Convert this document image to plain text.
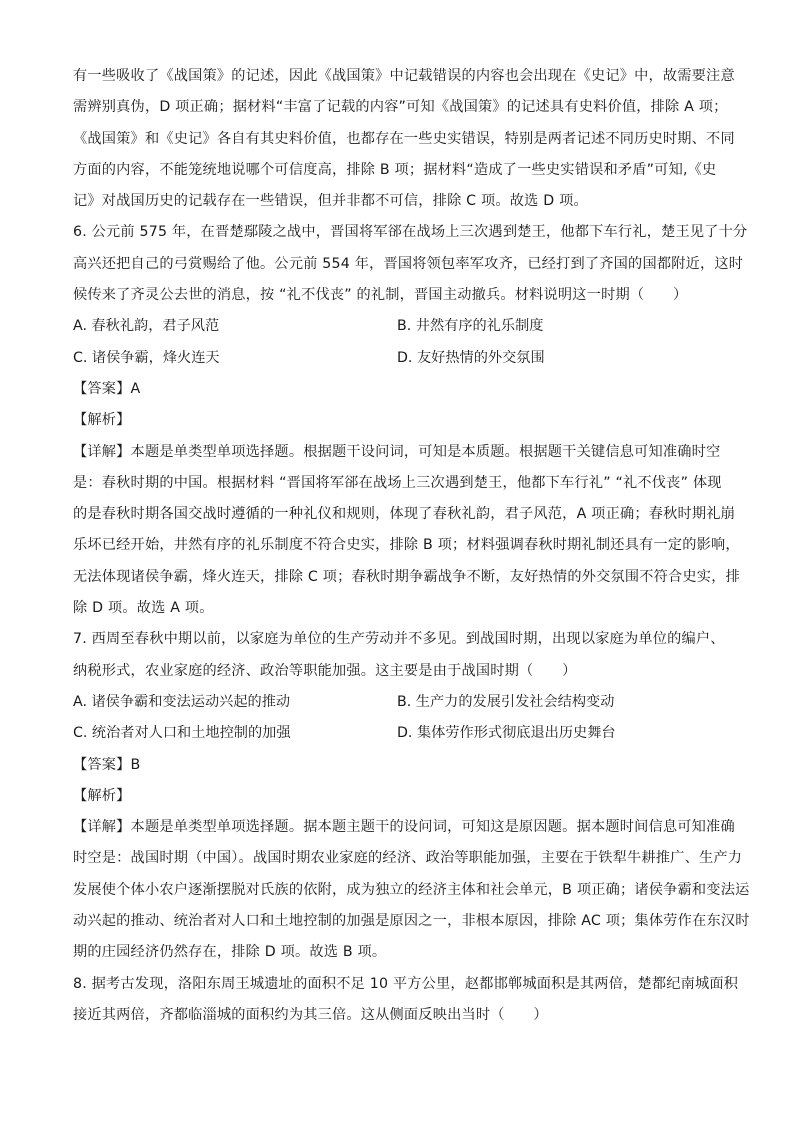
有一些吸收了《战国策》的记述，因此《战国策》中记载错误的内容也会出现在《史记》中，故需要注意

需辨别真伪，D 项正确；据材料“丰富了记载的内容”可知《战国策》的记述具有史料价值，排除 A 项；

《战国策》和《史记》各自有其史料价值，也都存在一些史实错误，特别是两者记述不同历史时期、不同

方面的内容，不能笼统地说哪个可信度高，排除 B 项；据材料“造成了一些史实错误和矛盾”可知,《史

记》对战国历史的记载存在一些错误，但并非都不可信，排除 C 项。故选 D 项。

6. 公元前 575 年，在晋楚鄢陵之战中，晋国将军郤在战场上三次遇到楚王，他都下车行礼，楚王见了十分

高兴还把自己的弓赏赐给了他。公元前 554 年，晋国将领包率军攻齐，已经打到了齐国的国都附近，这时

候传来了齐灵公去世的消息，按 “礼不伐丧” 的礼制，晋国主动撤兵。材料说明这一时期（　　）

A. 春秋礼韵，君子风范	B. 井然有序的礼乐制度
C. 诸侯争霸，烽火连天	D. 友好热情的外交氛围

【答案】A

【解析】

【详解】本题是单类型单项选择题。根据题干设问词，可知是本质题。根据题干关键信息可知准确时空

是：春秋时期的中国。根据材料 “晋国将军郤在战场上三次遇到楚王，他都下车行礼” “礼不伐丧” 体现

的是春秋时期各国交战时遵循的一种礼仪和规则，体现了春秋礼韵，君子风范，A 项正确；春秋时期礼崩

乐坏已经开始，井然有序的礼乐制度不符合史实，排除 B 项；材料强调春秋时期礼制还具有一定的影响，

无法体现诸侯争霸，烽火连天，排除 C 项；春秋时期争霸战争不断，友好热情的外交氛围不符合史实，排

除 D 项。故选 A 项。

7. 西周至春秋中期以前，以家庭为单位的生产劳动并不多见。到战国时期，出现以家庭为单位的编户、

纳税形式，农业家庭的经济、政治等职能加强。这主要是由于战国时期（　　）

A. 诸侯争霸和变法运动兴起的推动	B. 生产力的发展引发社会结构变动
C. 统治者对人口和土地控制的加强	D. 集体劳作形式彻底退出历史舞台

【答案】B

【解析】

【详解】本题是单类型单项选择题。据本题主题干的设问词，可知这是原因题。据本题时间信息可知准确

时空是：战国时期（中国）。战国时期农业家庭的经济、政治等职能加强，主要在于铁犁牛耕推广、生产力

发展使个体小农户逐渐摆脱对氏族的依附，成为独立的经济主体和社会单元，B 项正确；诸侯争霸和变法运

动兴起的推动、统治者对人口和土地控制的加强是原因之一，非根本原因，排除 AC 项；集体劳作在东汉时

期的庄园经济仍然存在，排除 D 项。故选 B 项。

8. 据考古发现，洛阳东周王城遗址的面积不足 10 平方公里，赵都邯郸城面积是其两倍，楚都纪南城面积

接近其两倍，齐都临淄城的面积约为其三倍。这从侧面反映出当时（　　）
